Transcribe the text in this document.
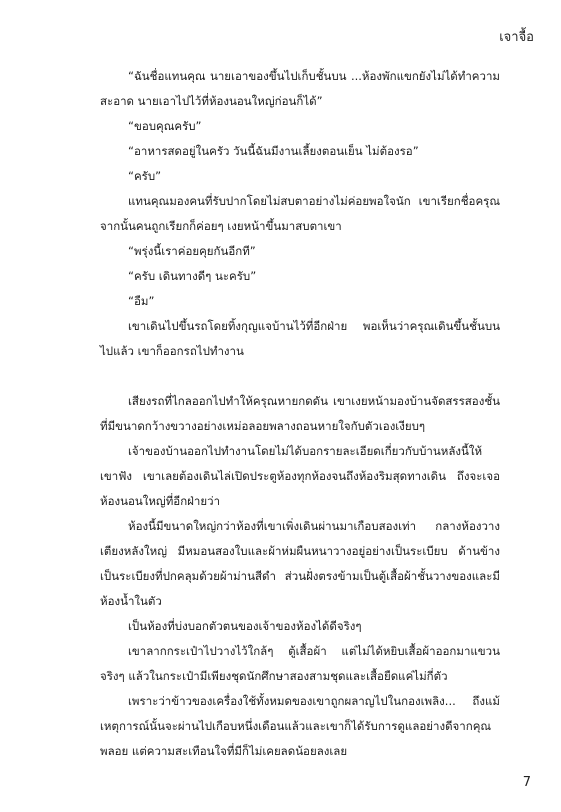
เจาจื้อ

“ฉันชื่อแทนคุณ นายเอาของขึ้นไปเก็บชั้นบน ...ห้องพักแขกยังไม่ได้ทำความสะอาด นายเอาไปไว้ที่ห้องนอนใหญ่ก่อนก็ได้”

“ขอบคุณครับ”

“อาหารสดอยู่ในครัว วันนี้ฉันมีงานเลี้ยงตอนเย็น ไม่ต้องรอ”

“ครับ”

แทนคุณมองคนที่รับปากโดยไม่สบตาอย่างไม่ค่อยพอใจนัก เขาเรียกชื่อครุณ จากนั้นคนถูกเรียกก็ค่อยๆ เงยหน้าขึ้นมาสบตาเขา

“พรุ่งนี้เราค่อยคุยกันอีกที”

“ครับ เดินทางดีๆ นะครับ”

“อืม”

เขาเดินไปขึ้นรถโดยทิ้งกุญแจบ้านไว้ที่อีกฝ่าย พอเห็นว่าครุณเดินขึ้นชั้นบนไปแล้ว เขาก็ออกรถไปทำงาน

เสียงรถที่ไกลออกไปทำให้ครุณหายกดดัน เขาเงยหน้ามองบ้านจัดสรรสองชั้นที่มีขนาดกว้างขวางอย่างเหม่อลอยพลางถอนหายใจกับตัวเองเงียบๆ

เจ้าของบ้านออกไปทำงานโดยไม่ได้บอกรายละเอียดเกี่ยวกับบ้านหลังนี้ให้เขาฟัง เขาเลยต้องเดินไล่เปิดประตูห้องทุกห้องจนถึงห้องริมสุดทางเดิน ถึงจะเจอห้องนอนใหญ่ที่อีกฝ่ายว่า

ห้องนี้มีขนาดใหญ่กว่าห้องที่เขาเพิ่งเดินผ่านมาเกือบสองเท่า กลางห้องวางเตียงหลังใหญ่ มีหมอนสองใบและผ้าห่มผืนหนาวางอยู่อย่างเป็นระเบียบ ด้านข้างเป็นระเบียงที่ปกคลุมด้วยผ้าม่านสีดำ ส่วนฝั่งตรงข้ามเป็นตู้เสื้อผ้าชั้นวางของและมีห้องน้ำในตัว

เป็นห้องที่บ่งบอกตัวตนของเจ้าของห้องได้ดีจริงๆ

เขาลากกระเป๋าไปวางไว้ใกล้ๆ ตู้เสื้อผ้า แต่ไม่ได้หยิบเสื้อผ้าออกมาแขวนจริงๆ แล้วในกระเป๋ามีเพียงชุดนักศึกษาสองสามชุดและเสื้อยืดแค่ไม่กี่ตัว

เพราะว่าข้าวของเครื่องใช้ทั้งหมดของเขาถูกผลาญไปในกองเพลิง... ถึงแม้เหตุการณ์นั้นจะผ่านไปเกือบหนึ่งเดือนแล้วและเขาก็ได้รับการดูแลอย่างดีจากคุณพลอย แต่ความสะเทือนใจที่มีก็ไม่เคยลดน้อยลงเลย

7
